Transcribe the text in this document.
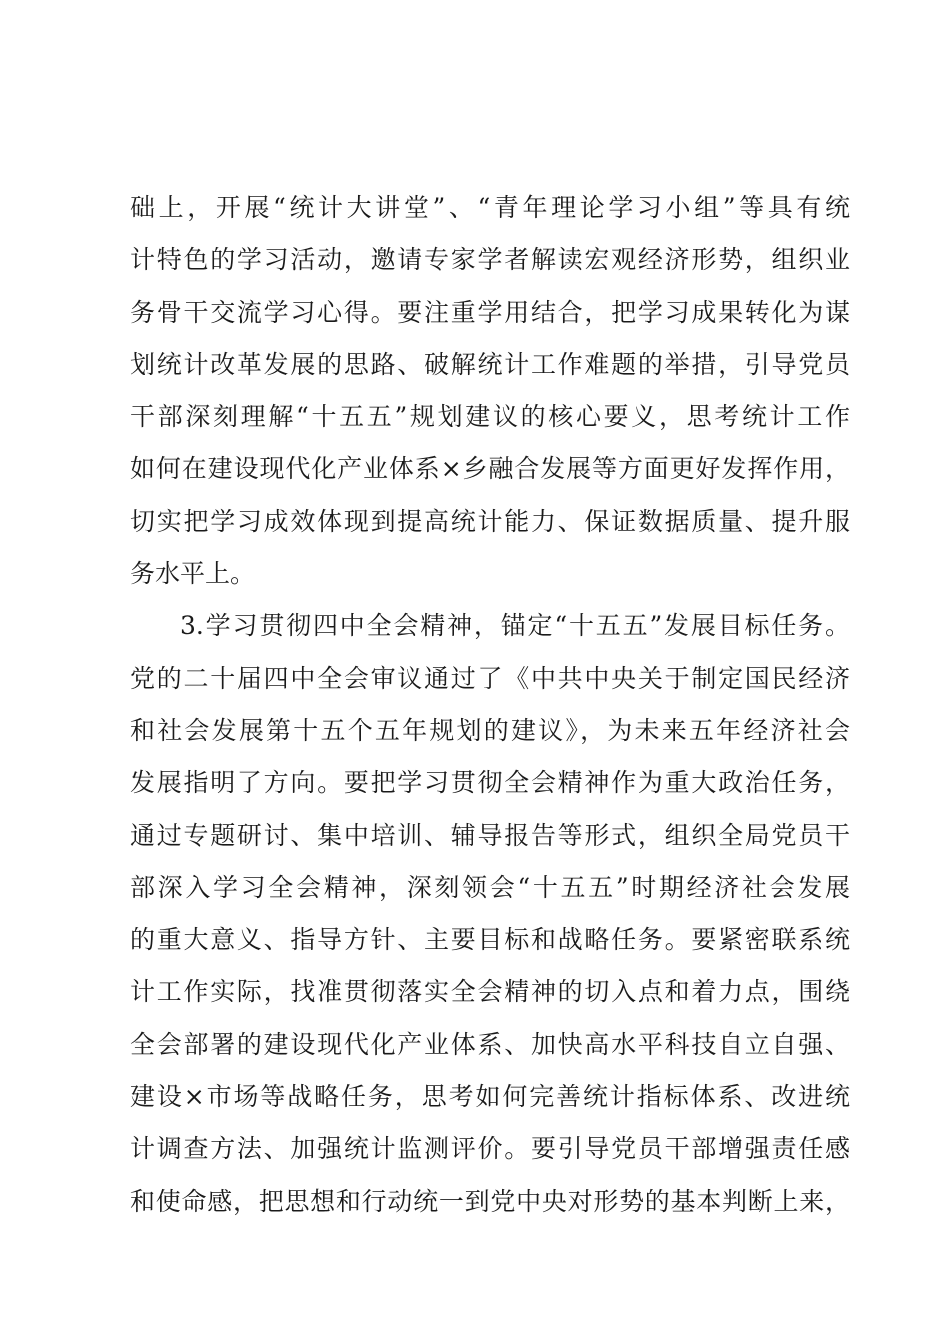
础上，开展“统计大讲堂”、“青年理论学习小组”等具有统
计特色的学习活动，邀请专家学者解读宏观经济形势，组织业
务骨干交流学习心得。要注重学用结合，把学习成果转化为谋
划统计改革发展的思路、破解统计工作难题的举措，引导党员
干部深刻理解“十五五”规划建议的核心要义，思考统计工作
如何在建设现代化产业体系×乡融合发展等方面更好发挥作用，
切实把学习成效体现到提高统计能力、保证数据质量、提升服
务水平上。
3.学习贯彻四中全会精神，锚定“十五五”发展目标任务。
党的二十届四中全会审议通过了《中共中央关于制定国民经济
和社会发展第十五个五年规划的建议》，为未来五年经济社会
发展指明了方向。要把学习贯彻全会精神作为重大政治任务，
通过专题研讨、集中培训、辅导报告等形式，组织全局党员干
部深入学习全会精神，深刻领会“十五五”时期经济社会发展
的重大意义、指导方针、主要目标和战略任务。要紧密联系统
计工作实际，找准贯彻落实全会精神的切入点和着力点，围绕
全会部署的建设现代化产业体系、加快高水平科技自立自强、
建设×市场等战略任务，思考如何完善统计指标体系、改进统
计调查方法、加强统计监测评价。要引导党员干部增强责任感
和使命感，把思想和行动统一到党中央对形势的基本判断上来，
